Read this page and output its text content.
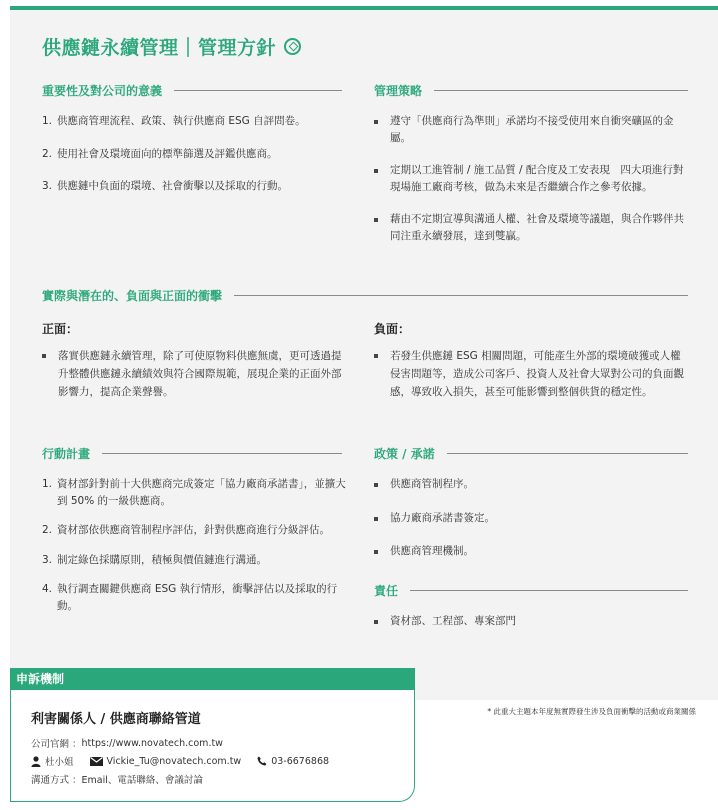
供應鏈永續管理｜管理方針
重要性及對公司的意義
1. 供應商管理流程、政策、執行供應商 ESG 自評問卷。
2. 使用社會及環境面向的標準篩選及評鑑供應商。
3. 供應鏈中負面的環境、社會衝擊以及採取的行動。
管理策略
遵守「供應商行為準則」承諾均不接受使用來自衝突礦區的金屬。
定期以工進管制 / 施工品質 / 配合度及工安表現　四大項進行對現場施工廠商考核，做為未來是否繼續合作之參考依據。
藉由不定期宣導與溝通人權、社會及環境等議題，與合作夥伴共同注重永續發展，達到雙贏。
實際與潛在的、負面與正面的衝擊
正面：
落實供應鏈永續管理，除了可使原物料供應無虞，更可透過提升整體供應鏈永續績效與符合國際規範，展現企業的正面外部影響力，提高企業聲譽。
負面：
若發生供應鏈 ESG 相關問題，可能產生外部的環境破獲或人權侵害問題等，造成公司客戶、投資人及社會大眾對公司的負面觀感，導致收入損失，甚至可能影響到整個供貨的穩定性。
行動計畫
1. 資材部針對前十大供應商完成簽定「協力廠商承諾書」，並擴大到 50% 的一級供應商。
2. 資材部依供應商管制程序評估，針對供應商進行分級評估。
3. 制定綠色採購原則，積極與價值鏈進行溝通。
4. 執行調查關鍵供應商 ESG 執行情形，衝擊評估以及採取的行動。
政策 / 承諾
供應商管制程序。
協力廠商承諾書簽定。
供應商管理機制。
責任
資材部、工程部、專案部門
申訴機制
利害關係人 / 供應商聯絡管道
公司官網 ： https://www.novatech.com.tw
杜小姐	Vickie_Tu@novatech.com.tw	03-6676868
溝通方式 ： Email、電話聯絡、會議討論
* 此重大主題本年度無實際發生涉及負面衝擊的活動或商業關係
